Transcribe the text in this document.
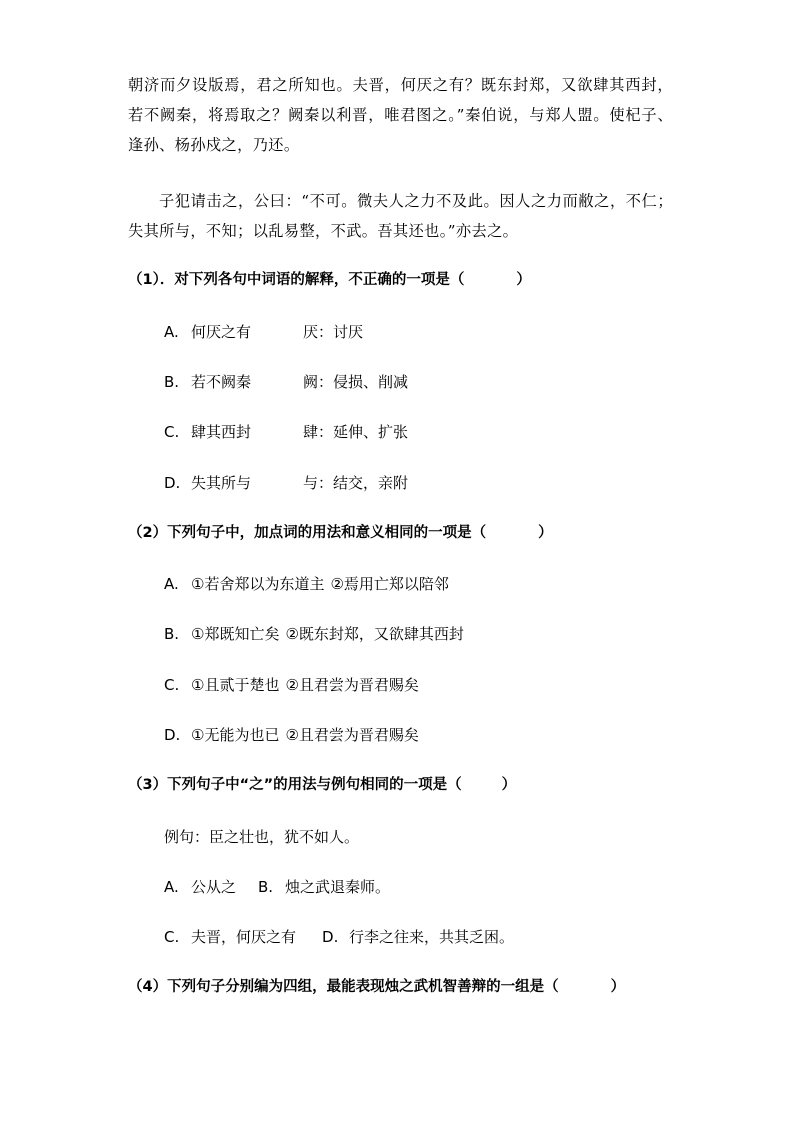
朝济而夕设版焉，君之所知也。夫晋，何厌之有？既东封郑，又欲肆其西封，若不阙秦，将焉取之？阙秦以利晋，唯君图之。”秦伯说，与郑人盟。使杞子、逢孙、杨孙戍之，乃还。
子犯请击之，公曰：“不可。微夫人之力不及此。因人之力而敝之，不仁；失其所与，不知；以乱易整，不武。吾其还也。”亦去之。
（1）．对下列各句中词语的解释，不正确的一项是（	）
A. 何厌之有	厌：讨厌
B. 若不阙秦	阙：侵损、削减
C. 肆其西封	肆：延伸、扩张
D. 失其所与	与：结交，亲附
（2）下列句子中，加点词的用法和意义相同的一项是（	）
A. ①若舍郑以为东道主 ②焉用亡郑以陪邻
B. ①郑既知亡矣 ②既东封郑，又欲肆其西封
C. ①且贰于楚也 ②且君尝为晋君赐矣
D. ①无能为也已 ②且君尝为晋君赐矣
（3）下列句子中“之”的用法与例句相同的一项是（	）
例句：臣之壮也，犹不如人。
A. 公从之 B. 烛之武退秦师。
C. 夫晋，何厌之有 D. 行李之往来，共其乏困。
（4）下列句子分别编为四组，最能表现烛之武机智善辩的一组是（	）
